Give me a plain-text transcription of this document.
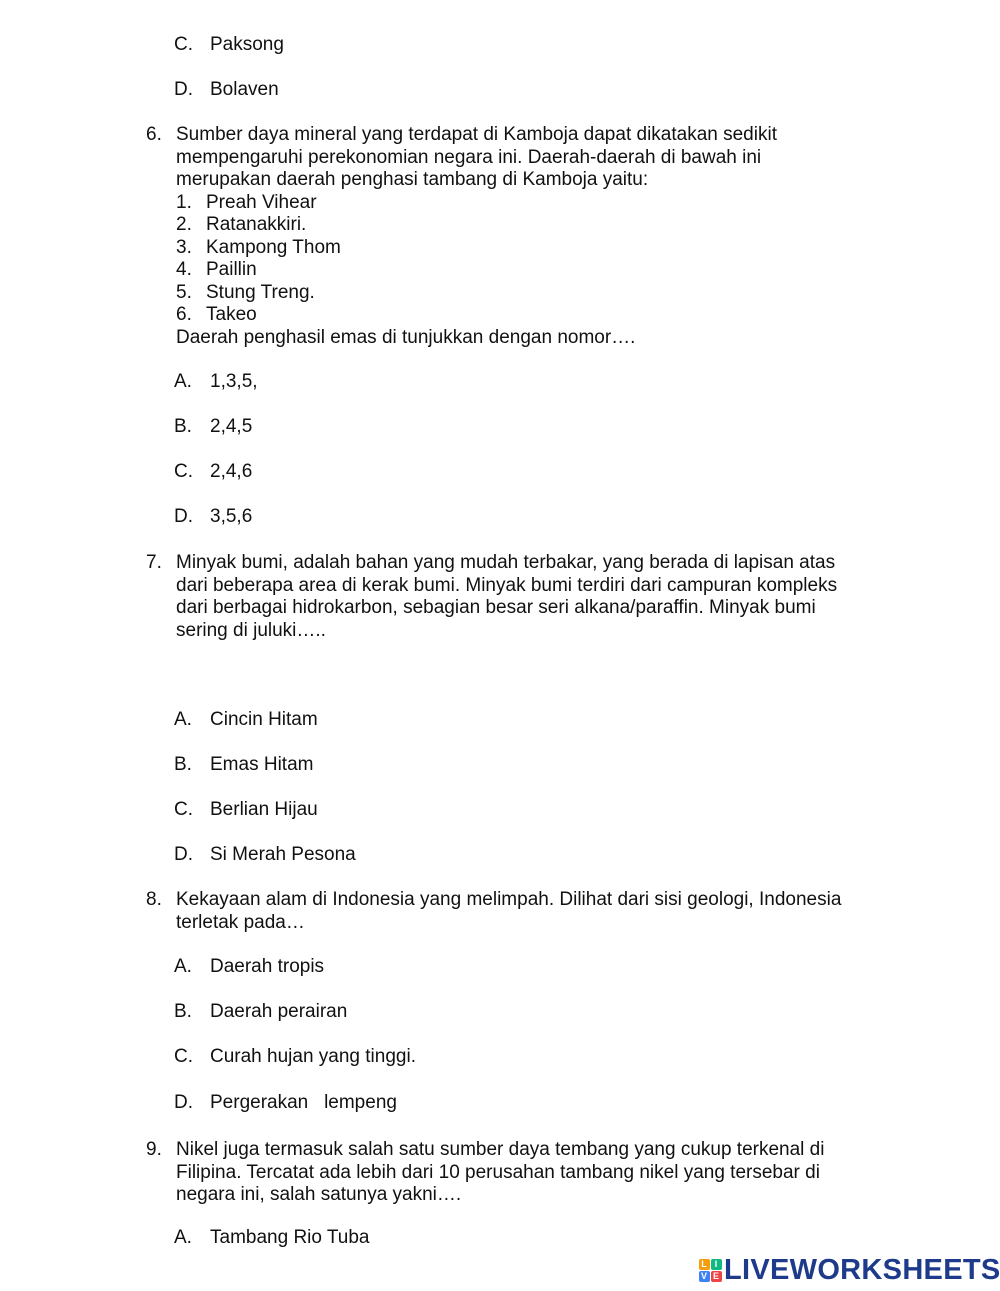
C. Paksong
D. Bolaven
6. Sumber daya mineral yang terdapat di Kamboja dapat dikatakan sedikit
mempengaruhi perekonomian negara ini. Daerah-daerah di bawah ini
merupakan daerah penghasi tambang di Kamboja yaitu:
1. Preah Vihear
2. Ratanakkiri.
3. Kampong Thom
4. Paillin
5. Stung Treng.
6. Takeo
Daerah penghasil emas di tunjukkan dengan nomor….
A. 1,3,5,
B. 2,4,5
C. 2,4,6
D. 3,5,6
7. Minyak bumi, adalah bahan yang mudah terbakar, yang berada di lapisan atas
dari beberapa area di kerak bumi. Minyak bumi terdiri dari campuran kompleks
dari berbagai hidrokarbon, sebagian besar seri alkana/paraffin. Minyak bumi
sering di juluki…..
A. Cincin Hitam
B. Emas Hitam
C. Berlian Hijau
D. Si Merah Pesona
8. Kekayaan alam di Indonesia yang melimpah. Dilihat dari sisi geologi, Indonesia
terletak pada…
A. Daerah tropis
B. Daerah perairan
C. Curah hujan yang tinggi.
D. Pergerakan   lempeng
9. Nikel juga termasuk salah satu sumber daya tembang yang cukup terkenal di
Filipina. Tercatat ada lebih dari 10 perusahan tambang nikel yang tersebar di
negara ini, salah satunya yakni….
A. Tambang Rio Tuba
L I
V E LIVEWORKSHEETS
